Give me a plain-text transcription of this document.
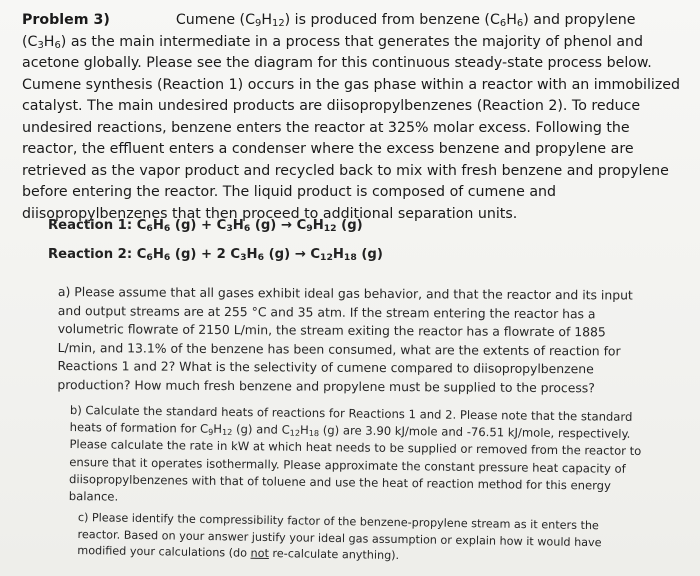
Problem 3)	Cumene $(C_9H_{12})$ is produced from benzene $(C_6H_6)$ and propylene $(C_3H_6)$ as the main intermediate in a process that generates the majority of phenol and acetone globally. Please see the diagram for this continuous steady-state process below. Cumene synthesis (Reaction 1) occurs in the gas phase within a reactor with an immobilized catalyst. The main undesired products are diisopropylbenzenes (Reaction 2). To reduce undesired reactions, benzene enters the reactor at 325% molar excess. Following the reactor, the effluent enters a condenser where the excess benzene and propylene are retrieved as the vapor product and recycled back to mix with fresh benzene and propylene before entering the reactor. The liquid product is composed of cumene and diisopropylbenzenes that then proceed to additional separation units.
Reaction 1: $C_6H_6$ $(g) + C_3H_6$ $(g) \to C_9H_{12}$ (g)
Reaction 2: $C_6H_6$ (g) + 2 $C_3H_6$ $(g) \to C_{12}H_{18}$ (g)
a) Please assume that all gases exhibit ideal gas behavior, and that the reactor and its input and output streams are at 255 °C and 35 atm. If the stream entering the reactor has a volumetric flowrate of 2150 L/min, the stream exiting the reactor has a flowrate of 1885 L/min, and 13.1% of the benzene has been consumed, what are the extents of reaction for Reactions 1 and 2? What is the selectivity of cumene compared to diisopropylbenzene production? How much fresh benzene and propylene must be supplied to the process?
b) Calculate the standard heats of reactions for Reactions 1 and 2. Please note that the standard heats of formation for $C_9H_{12}$ (g) and $C_{12}H_{18}$ (g) are 3.90 kJ/mole and -76.51 kJ/mole, respectively. Please calculate the rate in kW at which heat needs to be supplied or removed from the reactor to ensure that it operates isothermally. Please approximate the constant pressure heat capacity of diisopropylbenzenes with that of toluene and use the heat of reaction method for this energy balance.
c) Please identify the compressibility factor of the benzene-propylene stream as it enters the reactor. Based on your answer justify your ideal gas assumption or explain how it would have modified your calculations (do not re-calculate anything).
